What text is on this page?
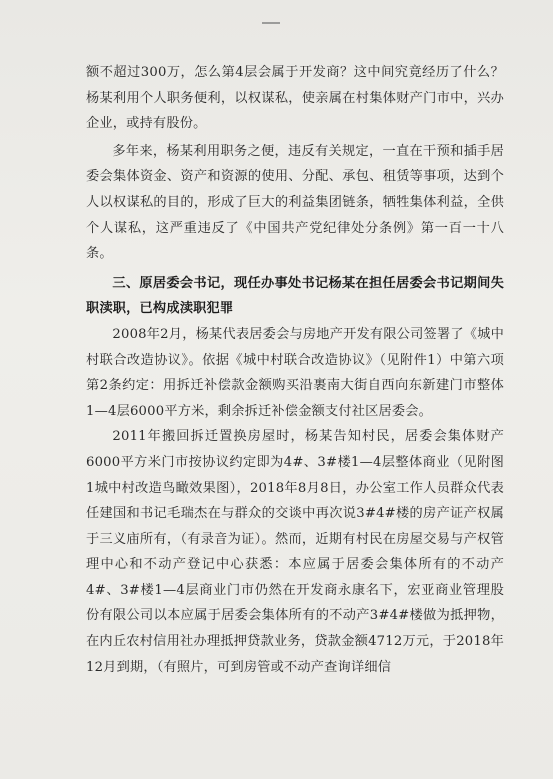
额不超过300万，怎么第4层会属于开发商？这中间究竟经历了什么？杨某利用个人职务便利，以权谋私，使亲属在村集体财产门市中，兴办企业，或持有股份。

多年来，杨某利用职务之便，违反有关规定，一直在干预和插手居委会集体资金、资产和资源的使用、分配、承包、租赁等事项，达到个人以权谋私的目的，形成了巨大的利益集团链条，牺牲集体利益，全供个人谋私，这严重违反了《中国共产党纪律处分条例》第一百一十八条。

三、原居委会书记，现任办事处书记杨某在担任居委会书记期间失职渎职，已构成渎职犯罪

2008年2月，杨某代表居委会与房地产开发有限公司签署了《城中村联合改造协议》。依据《城中村联合改造协议》（见附件1）中第六项第2条约定：用拆迁补偿款金额购买沿裹南大街自西向东新建门市整体1—4层6000平方米，剩余拆迁补偿金额支付社区居委会。

2011年搬回拆迁置换房屋时，杨某告知村民，居委会集体财产6000平方米门市按协议约定即为4#、3#楼1—4层整体商业（见附图1城中村改造鸟瞰效果图），2018年8月8日，办公室工作人员群众代表任建国和书记毛瑞杰在与群众的交谈中再次说3#4#楼的房产证产权属于三义庙所有，（有录音为证）。然而，近期有村民在房屋交易与产权管理中心和不动产登记中心获悉：本应属于居委会集体所有的不动产4#、3#楼1—4层商业门市仍然在开发商永康名下，宏亚商业管理股份有限公司以本应属于居委会集体所有的不动产3#4#楼做为抵押物，在内丘农村信用社办理抵押贷款业务，贷款金额4712万元，于2018年12月到期，（有照片，可到房管或不动产查询详细信
